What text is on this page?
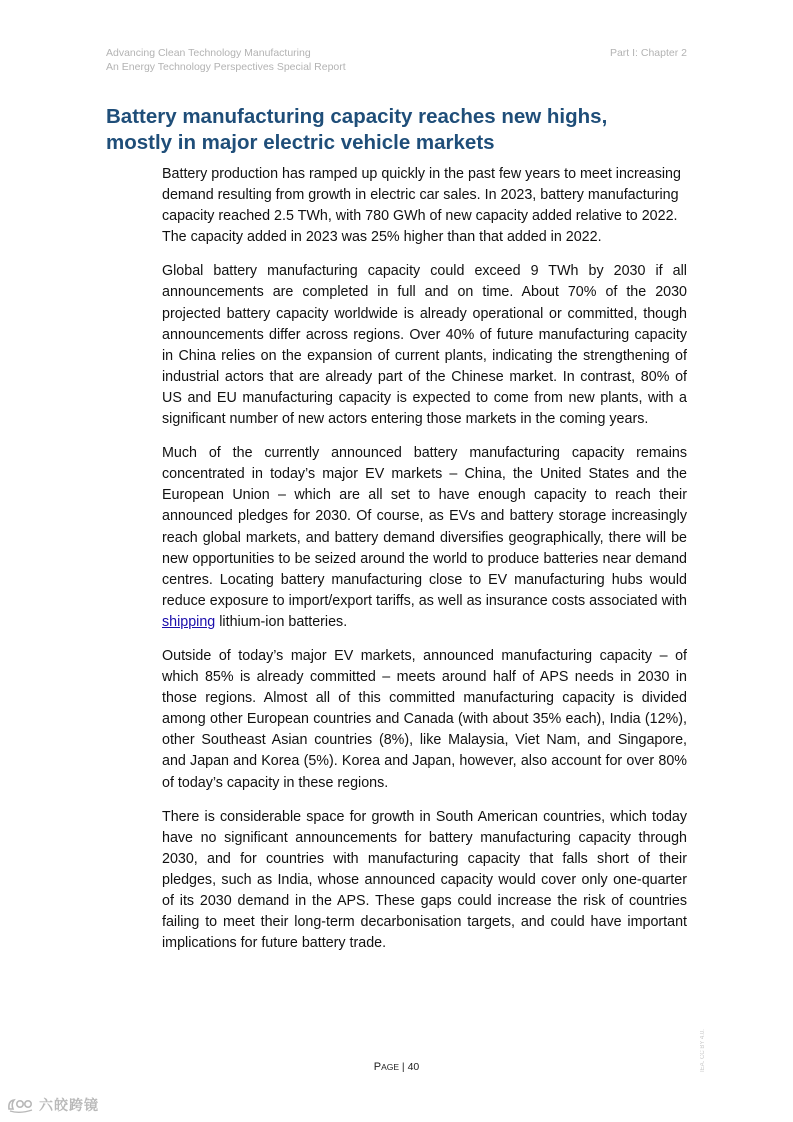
Advancing Clean Technology Manufacturing
An Energy Technology Perspectives Special Report
Part I: Chapter 2
Battery manufacturing capacity reaches new highs,
mostly in major electric vehicle markets

Battery production has ramped up quickly in the past few years to meet increasing demand resulting from growth in electric car sales. In 2023, battery manufacturing capacity reached 2.5 TWh, with 780 GWh of new capacity added relative to 2022. The capacity added in 2023 was 25% higher than that added in 2022.

Global battery manufacturing capacity could exceed 9 TWh by 2030 if all announcements are completed in full and on time. About 70% of the 2030 projected battery capacity worldwide is already operational or committed, though announcements differ across regions. Over 40% of future manufacturing capacity in China relies on the expansion of current plants, indicating the strengthening of industrial actors that are already part of the Chinese market. In contrast, 80% of US and EU manufacturing capacity is expected to come from new plants, with a significant number of new actors entering those markets in the coming years.

Much of the currently announced battery manufacturing capacity remains concentrated in today’s major EV markets – China, the United States and the European Union – which are all set to have enough capacity to reach their announced pledges for 2030. Of course, as EVs and battery storage increasingly reach global markets, and battery demand diversifies geographically, there will be new opportunities to be seized around the world to produce batteries near demand centres. Locating battery manufacturing close to EV manufacturing hubs would reduce exposure to import/export tariffs, as well as insurance costs associated with shipping lithium-ion batteries.

Outside of today’s major EV markets, announced manufacturing capacity – of which 85% is already committed – meets around half of APS needs in 2030 in those regions. Almost all of this committed manufacturing capacity is divided among other European countries and Canada (with about 35% each), India (12%), other Southeast Asian countries (8%), like Malaysia, Viet Nam, and Singapore, and Japan and Korea (5%). Korea and Japan, however, also account for over 80% of today’s capacity in these regions.

There is considerable space for growth in South American countries, which today have no significant announcements for battery manufacturing capacity through 2030, and for countries with manufacturing capacity that falls short of their pledges, such as India, whose announced capacity would cover only one-quarter of its 2030 demand in the APS. These gaps could increase the risk of countries failing to meet their long-term decarbonisation targets, and could have important implications for future battery trade.

PAGE | 40	IEA. CC BY 4.0.
六皎跨镜
